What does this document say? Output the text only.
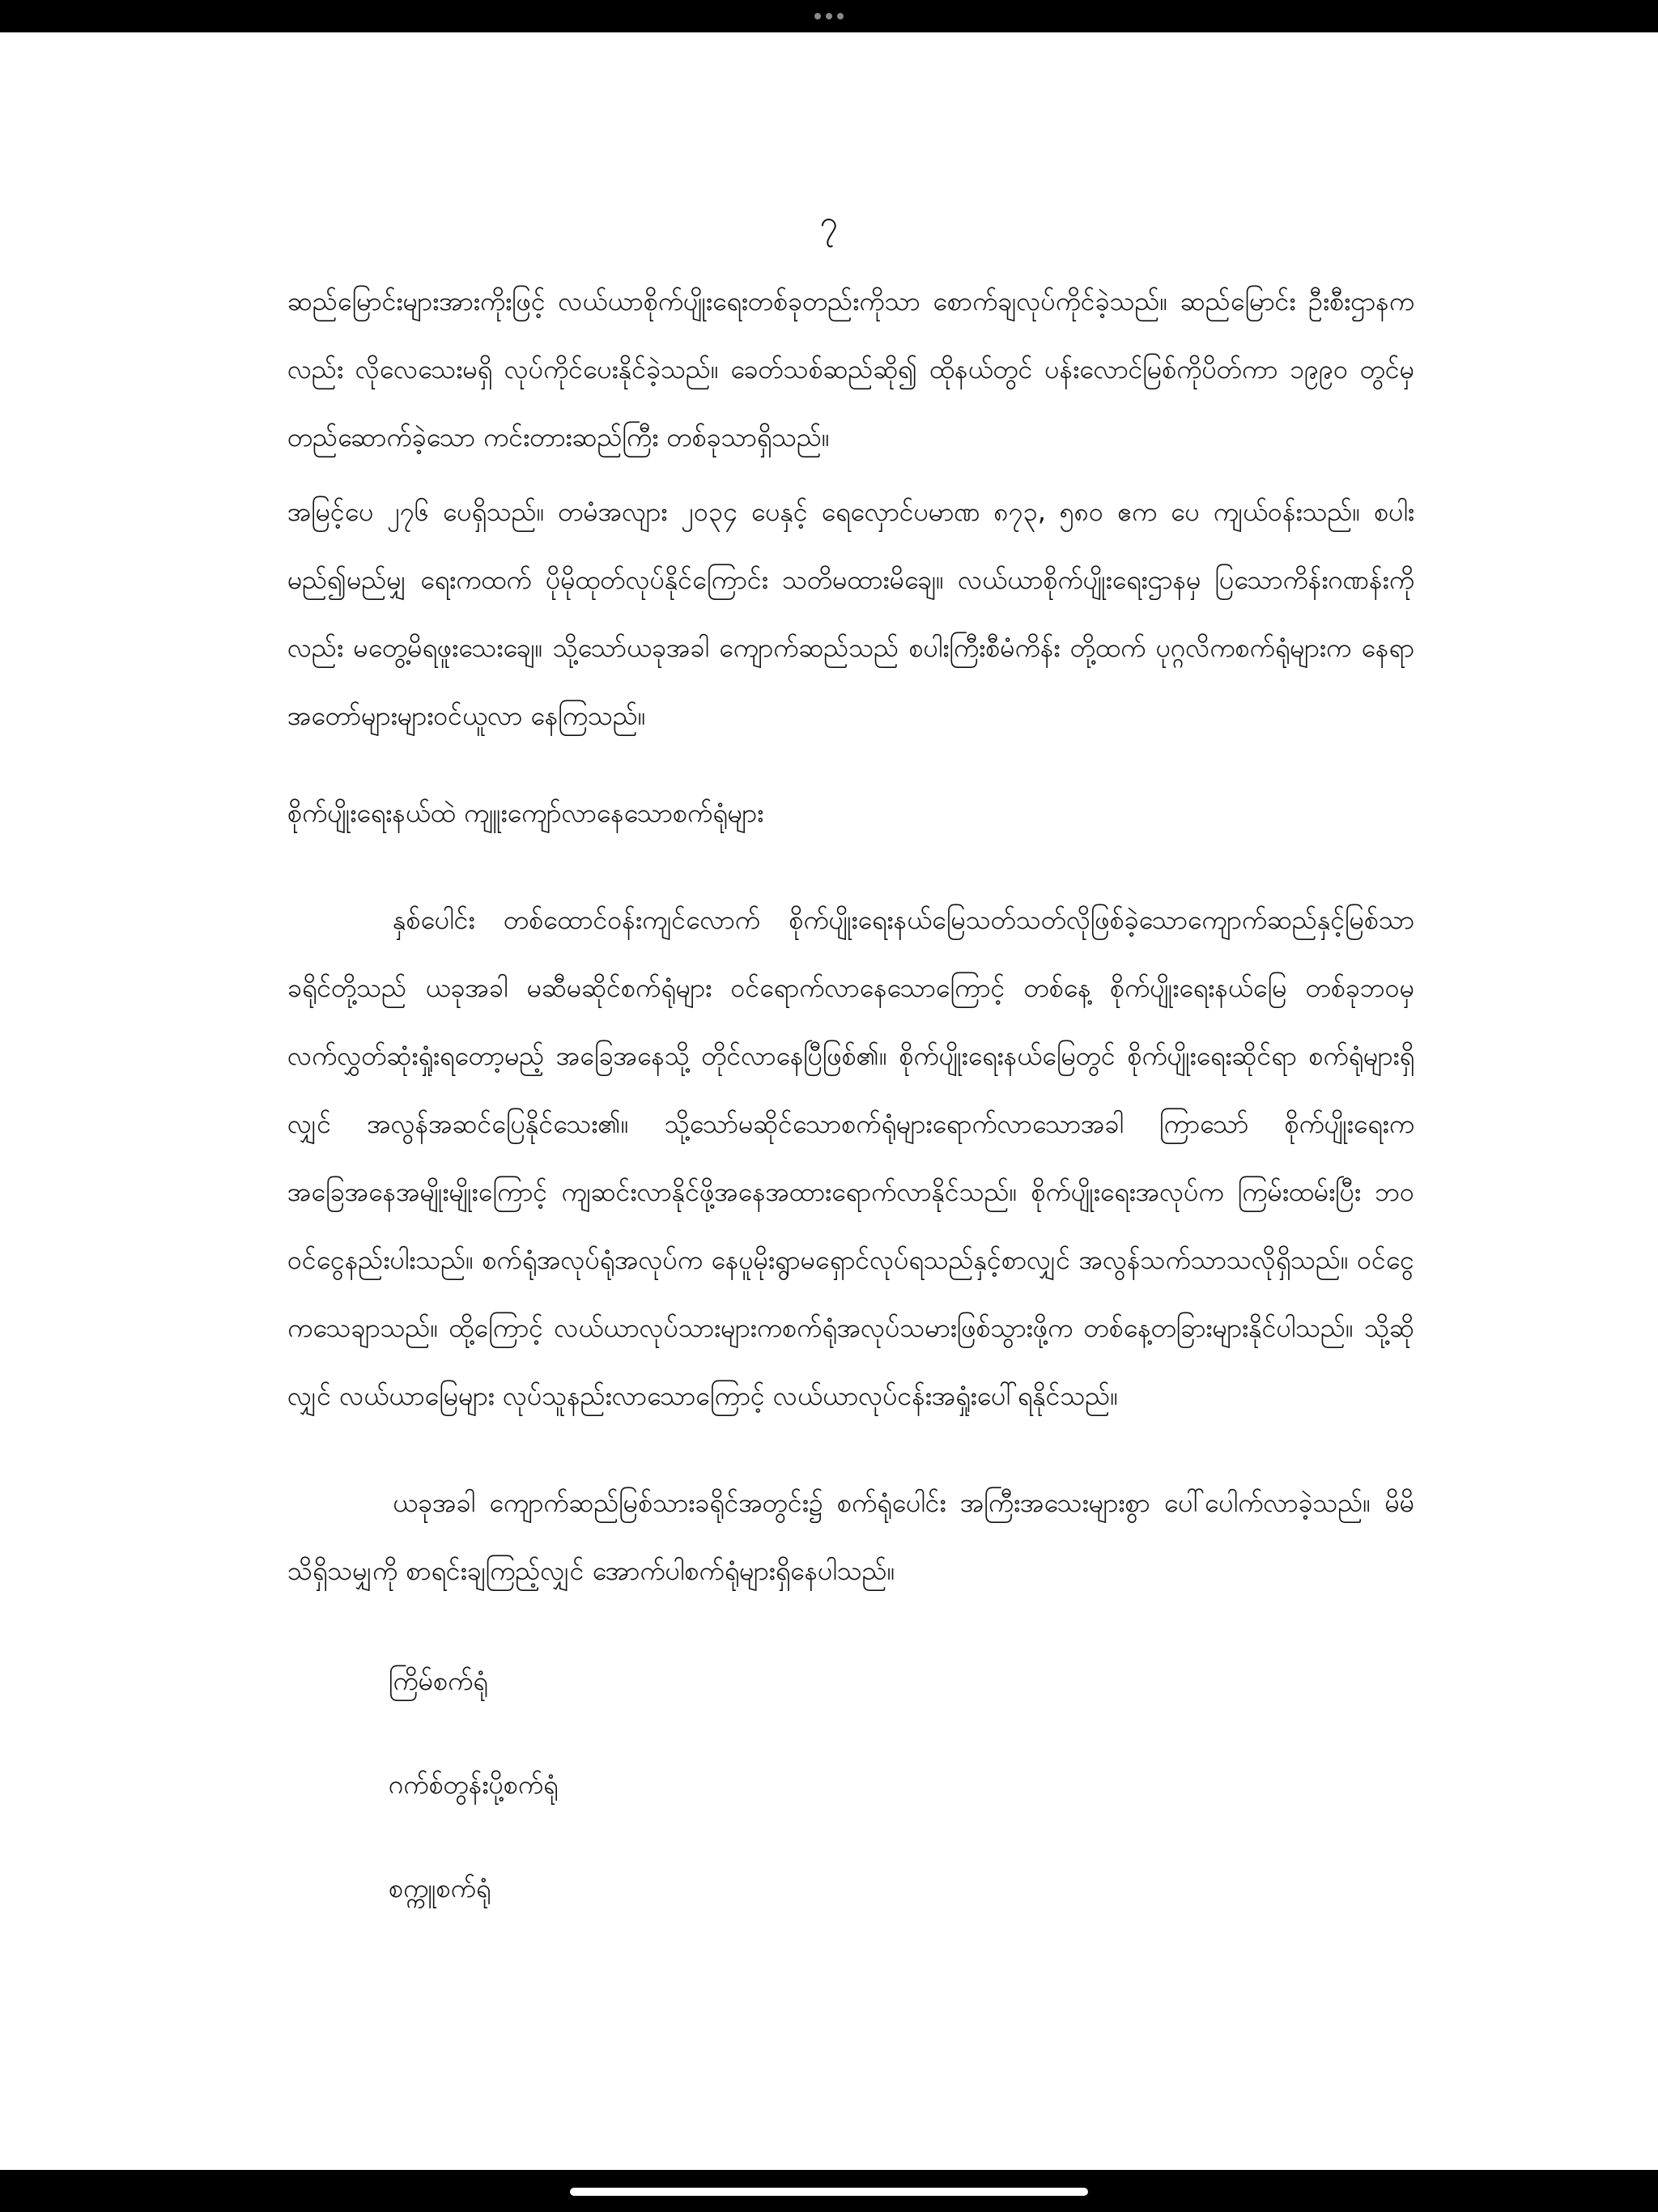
၇

ဆည်မြောင်းများအားကိုးဖြင့် လယ်ယာစိုက်ပျိုးရေးတစ်ခုတည်းကိုသာ စောက်ချလုပ်ကိုင်ခဲ့သည်။ ဆည်မြောင်း ဦးစီးဌာနကလည်း လိုလေသေးမရှိ လုပ်ကိုင်ပေးနိုင်ခဲ့သည်။ ခေတ်သစ်ဆည်ဆို၍ ထိုနယ်တွင် ပန်းလောင်မြစ်ကိုပိတ်ကာ ၁၉၉၀ တွင်မှ တည်ဆောက်ခဲ့သော ကင်းတားဆည်ကြီး တစ်ခုသာရှိသည်။

အမြင့်ပေ ၂၇၆ ပေရှိသည်။ တမံအလျား ၂၀၃၄ ပေနှင့် ရေလှောင်ပမာဏ ၈၇၃, ၅၈၀ ဧက ပေ ကျယ်ဝန်းသည်။ စပါးမည်၍မည်မျှ ရေးကထက် ပိုမိုထုတ်လုပ်နိုင်ကြောင်း သတိမထားမိချေ။ လယ်ယာစိုက်ပျိုးရေးဌာနမှ ပြသောကိန်းဂဏန်းကိုလည်း မတွေ့မိရဖူးသေးချေ။ သို့သော်ယခုအခါ ကျောက်ဆည်သည် စပါးကြီးစီမံကိန်း တို့ထက် ပုဂ္ဂလိကစက်ရုံများက နေရာအတော်များများဝင်ယူလာ နေကြသည်။

စိုက်ပျိုးရေးနယ်ထဲ ကျူးကျော်လာနေသောစက်ရုံများ

နှစ်ပေါင်း တစ်ထောင်ဝန်းကျင်လောက် စိုက်ပျိုးရေးနယ်မြေသတ်သတ်လိုဖြစ်ခဲ့သောကျောက်ဆည်နှင့်မြစ်သာခရိုင်တို့သည် ယခုအခါ မဆီမဆိုင်စက်ရုံများ ဝင်ရောက်လာနေသောကြောင့် တစ်နေ့ စိုက်ပျိုးရေးနယ်မြေ တစ်ခုဘဝမှ လက်လွှတ်ဆုံးရှုံးရတော့မည့် အခြေအနေသို့ တိုင်လာနေပြီဖြစ်၏။ စိုက်ပျိုးရေးနယ်မြေတွင် စိုက်ပျိုးရေးဆိုင်ရာ စက်ရုံများရှိလျှင် အလွန်အဆင်ပြေနိုင်သေး၏။ သို့သော်မဆိုင်သောစက်ရုံများရောက်လာသောအခါ ကြာသော် စိုက်ပျိုးရေးက အခြေအနေအမျိုးမျိုးကြောင့် ကျဆင်းလာနိုင်ဖို့အနေအထားရောက်လာနိုင်သည်။ စိုက်ပျိုးရေးအလုပ်က ကြမ်းထမ်းပြီး ဘဝဝင်ငွေနည်းပါးသည်။ စက်ရုံအလုပ်ရုံအလုပ်က နေပူမိုးရွာမရှောင်လုပ်ရသည်နှင့်စာလျှင် အလွန်သက်သာသလိုရှိသည်။ ဝင်ငွေကသေချာသည်။ ထို့ကြောင့် လယ်ယာလုပ်သားများကစက်ရုံအလုပ်သမားဖြစ်သွားဖို့က တစ်နေ့တခြားများနိုင်ပါသည်။ သို့ဆိုလျှင် လယ်ယာမြေများ လုပ်သူနည်းလာသောကြောင့် လယ်ယာလုပ်ငန်းအရှုံးပေါ်ရနိုင်သည်။

ယခုအခါ ကျောက်ဆည်မြစ်သားခရိုင်အတွင်း၌ စက်ရုံပေါင်း အကြီးအသေးများစွာ ပေါ်ပေါက်လာခဲ့သည်။ မိမိသိရှိသမျှကို စာရင်းချကြည့်လျှင် အောက်ပါစက်ရုံများရှိနေပါသည်။

ကြိမ်စက်ရုံ
ဂက်စ်တွန်းပို့စက်ရုံ
စက္ကူစက်ရုံ
